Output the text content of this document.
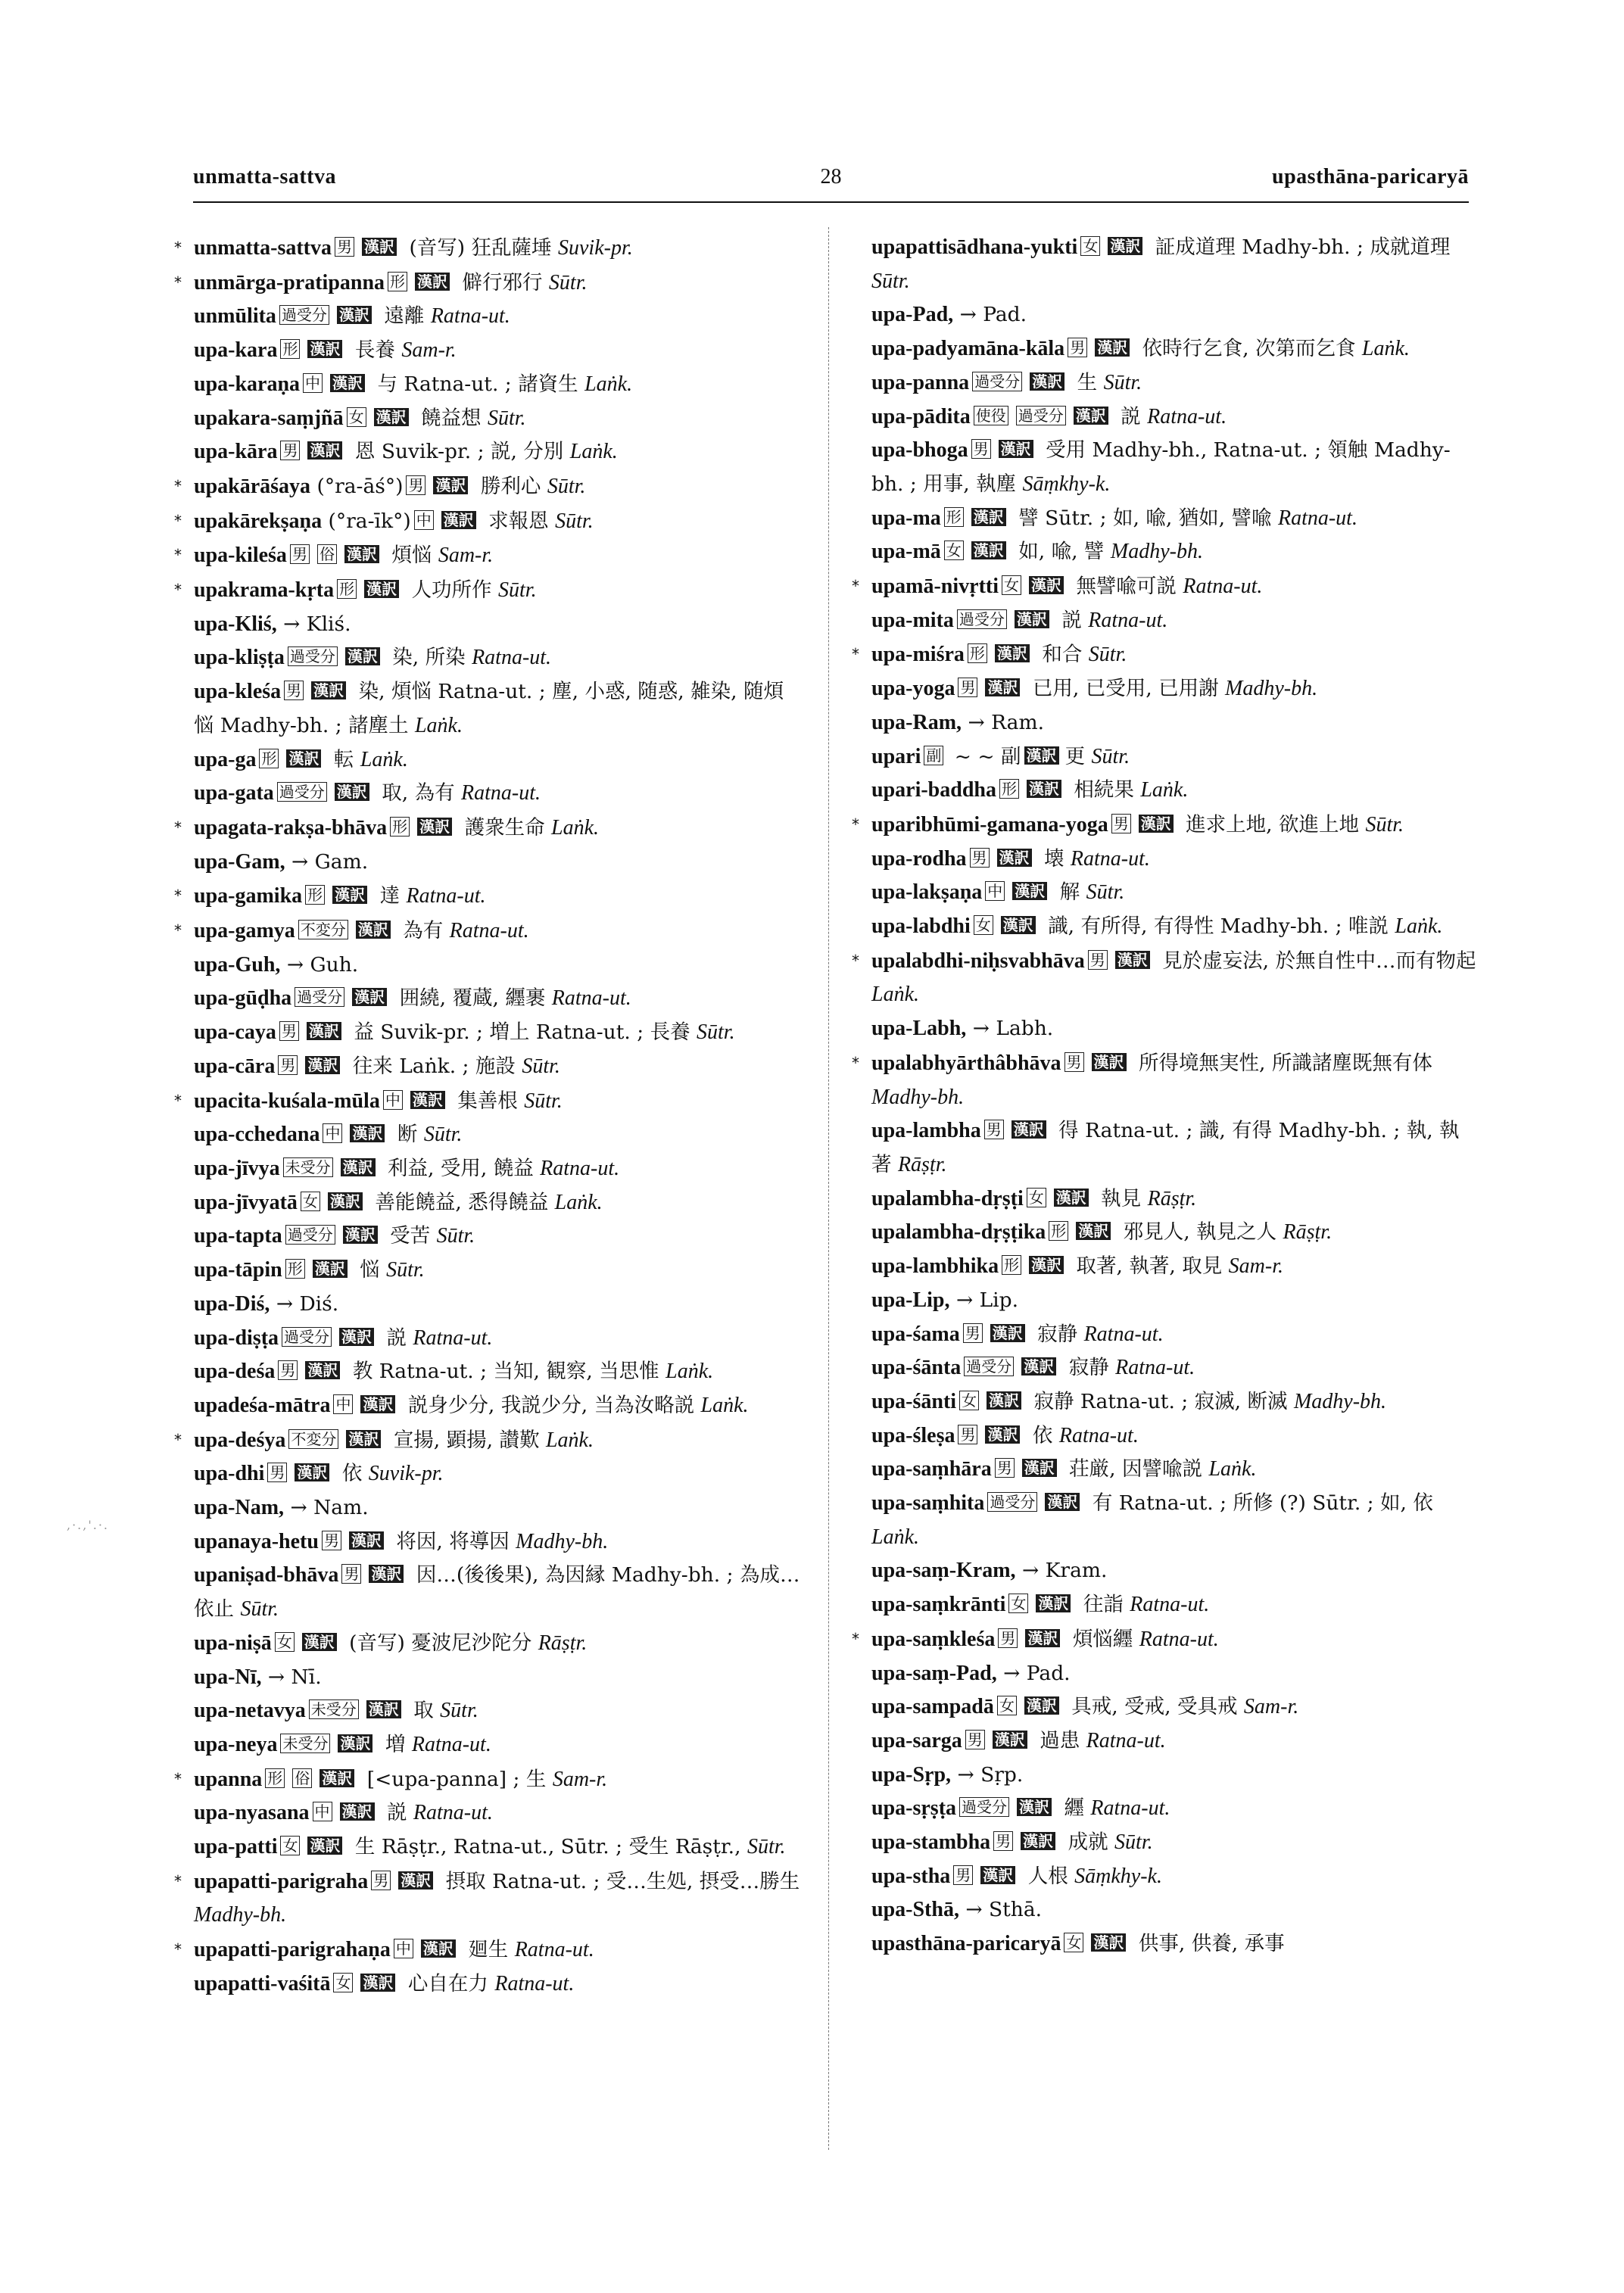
unmatta-sattva	28	upasthāna-paricaryā
,·.,'.·.
* unmatta-sattva 男 漢訳 (音写) 狂乱薩埵 Suvik-pr.
* unmārga-pratipanna 形 漢訳 僻行邪行 Sūtr.
unmūlita 過受分 漢訳 遠離 Ratna-ut.
upa-kara 形 漢訳 長養 Sam-r.
upa-karaṇa 中 漢訳 与 Ratna-ut. ; 諸資生 Laṅk.
upakara-saṃjñā 女 漢訳 饒益想 Sūtr.
upa-kāra 男 漢訳 恩 Suvik-pr. ; 説, 分別 Laṅk.
* upakārāśaya (°ra-āś°) 男 漢訳 勝利心 Sūtr.
* upakārekṣaṇa (°ra-īk°) 中 漢訳 求報恩 Sūtr.
* upa-kileśa 男 俗 漢訳 煩悩 Sam-r.
* upakrama-kṛta 形 漢訳 人功所作 Sūtr.
upa-Kliś, → Kliś.
upa-kliṣṭa 過受分 漢訳 染, 所染 Ratna-ut.
upa-kleśa 男 漢訳 染, 煩悩 Ratna-ut. ; 塵, 小惑, 随惑, 雑染, 随煩悩 Madhy-bh. ; 諸塵土 Laṅk.
upa-ga 形 漢訳 転 Laṅk.
upa-gata 過受分 漢訳 取, 為有 Ratna-ut.
* upagata-rakṣa-bhāva 形 漢訳 護衆生命 Laṅk.
upa-Gam, → Gam.
* upa-gamika 形 漢訳 達 Ratna-ut.
* upa-gamya 不変分 漢訳 為有 Ratna-ut.
upa-Guh, → Guh.
upa-gūḍha 過受分 漢訳 囲繞, 覆蔵, 纒裹 Ratna-ut.
upa-caya 男 漢訳 益 Suvik-pr. ; 増上 Ratna-ut. ; 長養 Sūtr.
upa-cāra 男 漢訳 往来 Laṅk. ; 施設 Sūtr.
* upacita-kuśala-mūla 中 漢訳 集善根 Sūtr.
upa-cchedana 中 漢訳 断 Sūtr.
upa-jīvya 未受分 漢訳 利益, 受用, 饒益 Ratna-ut.
upa-jīvyatā 女 漢訳 善能饒益, 悉得饒益 Laṅk.
upa-tapta 過受分 漢訳 受苦 Sūtr.
upa-tāpin 形 漢訳 悩 Sūtr.
upa-Diś, → Diś.
upa-diṣṭa 過受分 漢訳 説 Ratna-ut.
upa-deśa 男 漢訳 教 Ratna-ut. ; 当知, 観察, 当思惟 Laṅk.
upadeśa-mātra 中 漢訳 説身少分, 我説少分, 当為汝略説 Laṅk.
* upa-deśya 不変分 漢訳 宣揚, 顕揚, 讃歎 Laṅk.
upa-dhi 男 漢訳 依 Suvik-pr.
upa-Nam, → Nam.
upanaya-hetu 男 漢訳 将因, 将導因 Madhy-bh.
upaniṣad-bhāva 男 漢訳 因…(後後果), 為因縁 Madhy-bh. ; 為成…依止 Sūtr.
upa-niṣā 女 漢訳 (音写) 憂波尼沙陀分 Rāṣṭr.
upa-Nī, → Nī.
upa-netavya 未受分 漢訳 取 Sūtr.
upa-neya 未受分 漢訳 増 Ratna-ut.
* upanna 形 俗 漢訳 [<upa-panna] ; 生 Sam-r.
upa-nyasana 中 漢訳 説 Ratna-ut.
upa-patti 女 漢訳 生 Rāṣṭr., Ratna-ut., Sūtr. ; 受生 Rāṣṭr., Sūtr.
* upapatti-parigraha 男 漢訳 摂取 Ratna-ut. ; 受…生処, 摂受…勝生 Madhy-bh.
* upapatti-parigrahaṇa 中 漢訳 廻生 Ratna-ut.
upapatti-vaśitā 女 漢訳 心自在力 Ratna-ut.
upapattisādhana-yukti 女 漢訳 証成道理 Madhy-bh. ; 成就道理 Sūtr.
upa-Pad, → Pad.
upa-padyamāna-kāla 男 漢訳 依時行乞食, 次第而乞食 Laṅk.
upa-panna 過受分 漢訳 生 Sūtr.
upa-pādita 使役 過受分 漢訳 説 Ratna-ut.
upa-bhoga 男 漢訳 受用 Madhy-bh., Ratna-ut. ; 領触 Madhy-bh. ; 用事, 執塵 Sāṃkhy-k.
upa-ma 形 漢訳 譬 Sūtr. ; 如, 喩, 猶如, 譬喩 Ratna-ut.
upa-mā 女 漢訳 如, 喩, 譬 Madhy-bh.
* upamā-nivṛtti 女 漢訳 無譬喩可説 Ratna-ut.
upa-mita 過受分 漢訳 説 Ratna-ut.
* upa-miśra 形 漢訳 和合 Sūtr.
upa-yoga 男 漢訳 已用, 已受用, 已用謝 Madhy-bh.
upa-Ram, → Ram.
upari 副 ~ ~ 副 漢訳 更 Sūtr.
upari-baddha 形 漢訳 相続果 Laṅk.
* uparibhūmi-gamana-yoga 男 漢訳 進求上地, 欲進上地 Sūtr.
upa-rodha 男 漢訳 壊 Ratna-ut.
upa-lakṣaṇa 中 漢訳 解 Sūtr.
upa-labdhi 女 漢訳 識, 有所得, 有得性 Madhy-bh. ; 唯説 Laṅk.
* upalabdhi-niḥsvabhāva 男 漢訳 見於虚妄法, 於無自性中…而有物起 Laṅk.
upa-Labh, → Labh.
* upalabhyārthâbhāva 男 漢訳 所得境無実性, 所識諸塵既無有体 Madhy-bh.
upa-lambha 男 漢訳 得 Ratna-ut. ; 識, 有得 Madhy-bh. ; 執, 執著 Rāṣṭr.
upalambha-dṛṣṭi 女 漢訳 執見 Rāṣṭr.
upalambha-dṛṣṭika 形 漢訳 邪見人, 執見之人 Rāṣṭr.
upa-lambhika 形 漢訳 取著, 執著, 取見 Sam-r.
upa-Lip, → Lip.
upa-śama 男 漢訳 寂静 Ratna-ut.
upa-śānta 過受分 漢訳 寂静 Ratna-ut.
upa-śānti 女 漢訳 寂静 Ratna-ut. ; 寂滅, 断滅 Madhy-bh.
upa-śleṣa 男 漢訳 依 Ratna-ut.
upa-saṃhāra 男 漢訳 荘厳, 因譬喩説 Laṅk.
upa-saṃhita 過受分 漢訳 有 Ratna-ut. ; 所修 (?) Sūtr. ; 如, 依 Laṅk.
upa-saṃ-Kram, → Kram.
upa-saṃkrānti 女 漢訳 往詣 Ratna-ut.
* upa-saṃkleśa 男 漢訳 煩悩纒 Ratna-ut.
upa-saṃ-Pad, → Pad.
upa-sampadā 女 漢訳 具戒, 受戒, 受具戒 Sam-r.
upa-sarga 男 漢訳 過患 Ratna-ut.
upa-Sṛp, → Sṛp.
upa-sṛṣṭa 過受分 漢訳 纒 Ratna-ut.
upa-stambha 男 漢訳 成就 Sūtr.
upa-stha 男 漢訳 人根 Sāṃkhy-k.
upa-Sthā, → Sthā.
upasthāna-paricaryā 女 漢訳 供事, 供養, 承事
